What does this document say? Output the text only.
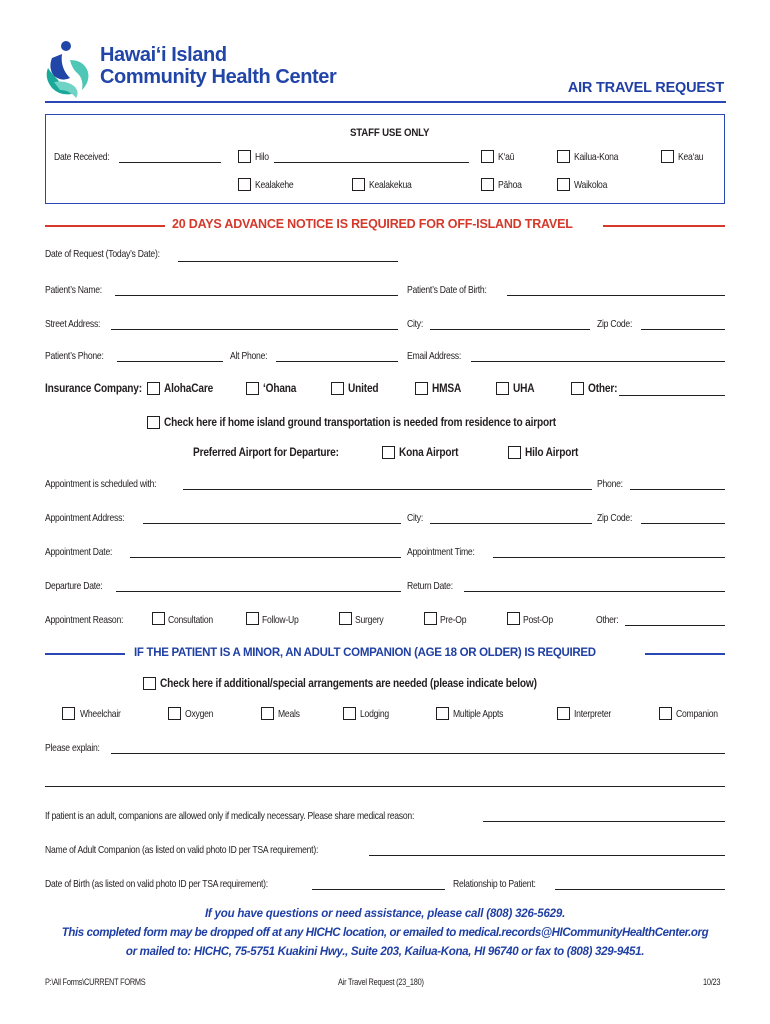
Hawai‘i Island
Community Health Center	AIR TRAVEL REQUEST
STAFF USE ONLY
Date Received:	Hilo	K‘aū	Kailua-Kona	Kea‘au
Kealakehe	Kealakekua	Pāhoa	Waikoloa
20 DAYS ADVANCE NOTICE IS REQUIRED FOR OFF-ISLAND TRAVEL
Date of Request (Today’s Date):
Patient’s Name:	Patient’s Date of Birth:
Street Address:	City:	Zip Code:
Patient’s Phone:	Alt Phone:	Email Address:
Insurance Company: AlohaCare	‘Ohana	United	HMSA	UHA	Other:
Check here if home island ground transportation is needed from residence to airport
Preferred Airport for Departure:	Kona Airport	Hilo Airport
Appointment is scheduled with:	Phone:
Appointment Address:	City:	Zip Code:
Appointment Date:	Appointment Time:
Departure Date:	Return Date:
Appointment Reason:	Consultation	Follow-Up	Surgery	Pre-Op	Post-Op	Other:
IF THE PATIENT IS A MINOR, AN ADULT COMPANION (AGE 18 OR OLDER) IS REQUIRED
Check here if additional/special arrangements are needed (please indicate below)
Wheelchair	Oxygen	Meals	Lodging	Multiple Appts	Interpreter	Companion
Please explain:
If patient is an adult, companions are allowed only if medically necessary. Please share medical reason:
Name of Adult Companion (as listed on valid photo ID per TSA requirement):
Date of Birth (as listed on valid photo ID per TSA requirement):	Relationship to Patient:
If you have questions or need assistance, please call (808) 326-5629.
This completed form may be dropped off at any HICHC location, or emailed to medical.records@HICommunityHealthCenter.org
or mailed to: HICHC, 75-5751 Kuakini Hwy., Suite 203, Kailua-Kona, HI 96740 or fax to (808) 329-9451.
P:\All Forms\CURRENT FORMS	Air Travel Request (23_180)	10/23
